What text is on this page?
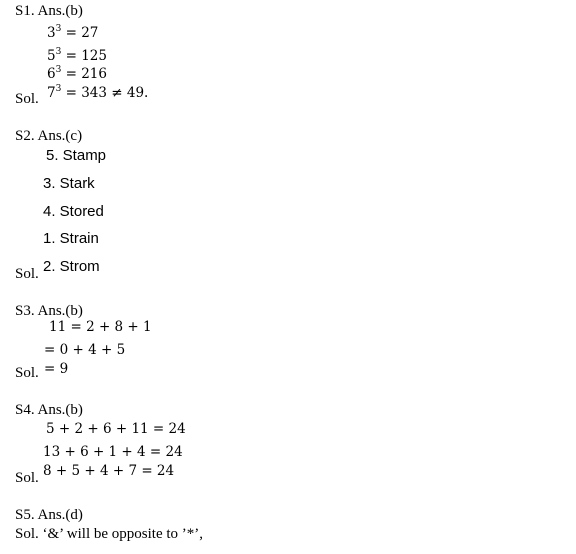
S1. Ans.(b)
$3^3 = 27$
$5^3 = 125$
$6^3 = 216$
Sol. $7^3 = 343 \ne 49$.
S2. Ans.(c)
5. Stamp
3. Stark
4. Stored
1. Strain
Sol. 2. Strom
S3. Ans.(b)
11 = 2 + 8 + 1
= 0 + 4 + 5
Sol. = 9
S4. Ans.(b)
5 + 2 + 6 + 11 = 24
13 + 6 + 1 + 4 = 24
Sol. 8 + 5 + 4 + 7 = 24
S5. Ans.(d)
Sol. ‘&’ will be opposite to ’*’,
